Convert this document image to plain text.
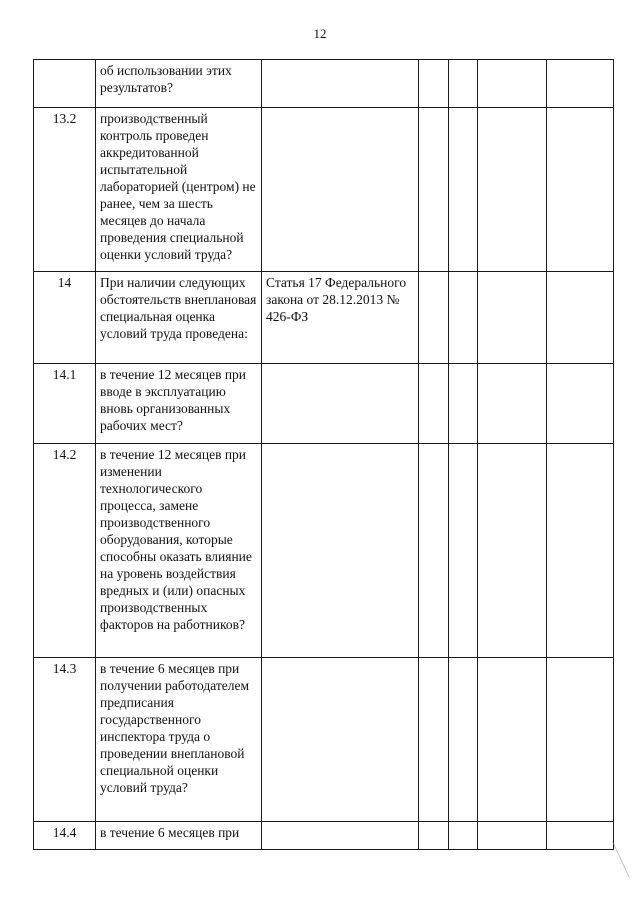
12
	об использовании этих результатов?					
13.2	производственный контроль проведен аккредитованной испытательной лабораторией (центром) не ранее, чем за шесть месяцев до начала проведения специальной оценки условий труда?					
14	При наличии следующих обстоятельств внеплановая специальная оценка условий труда проведена:	Статья 17 Федерального закона от 28.12.2013 № 426-ФЗ				
14.1	в течение 12 месяцев при вводе в эксплуатацию вновь организованных рабочих мест?					
14.2	в течение 12 месяцев при изменении технологического процесса, замене производственного оборудования, которые способны оказать влияние на уровень воздействия вредных и (или) опасных производственных факторов на работников?					
14.3	в течение 6 месяцев при получении работодателем предписания государственного инспектора труда о проведении внеплановой специальной оценки условий труда?					
14.4	в течение 6 месяцев при					
